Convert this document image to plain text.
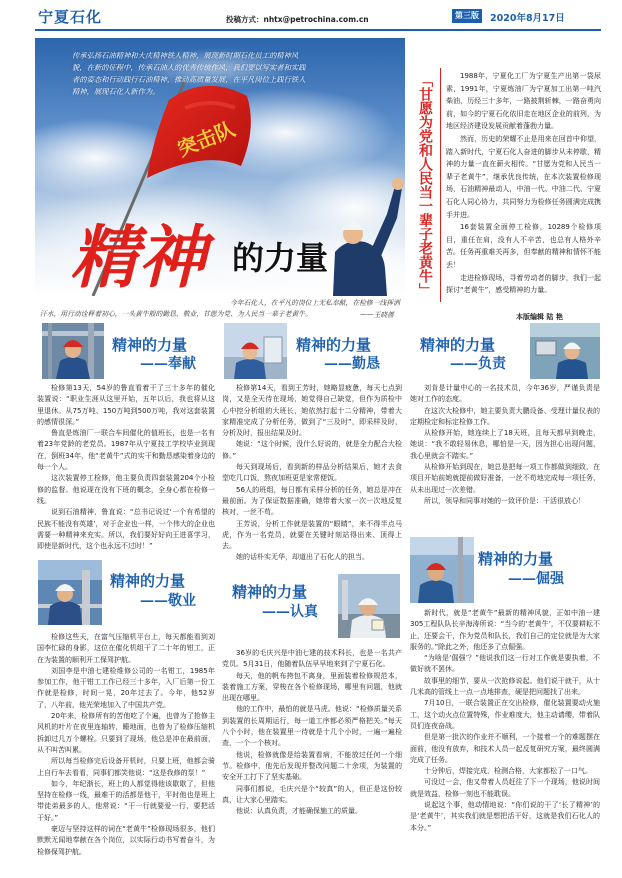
宁夏石化	投稿方式：nhtx@petrochina.com.cn	第三版	2020年8月17日
突击队
传承弘扬石油精神和大庆精神铁人精神，展现新时期石化员工的精神风貌，在新的征程中，传承石油人的优秀传统作风，我们要以写实者和实践者的姿态和行动践行石油精神，推动高质量发展，在平凡岗位上践行铁人精神，展现石化人新作为。
精神 的力量
今年石化人，在平凡的岗位上无私奉献，在检修一线挥洒汗水，用行动诠释着初心，一头黄牛般的勤恳、敬业，甘愿为党、为人民当一辈子老黄牛。	——王晓蔷
「甘愿为党和人民当一辈子老黄牛」	1988年，宁夏化工厂为宁夏生产出第一袋尿素，1991年，宁夏炼油厂为宁夏加工出第一吨汽柴油，历经三十多年，一路披荆斩棘，一路奋勇向前，如今的宁夏石化依旧走在地区企业的前列，为地区经济建设发展贡献着蓬勃力量。

然而，历史的荣耀不止是用来在回首中仰望，踏入新时代，宁夏石化人奋进的脚步从未停歇，精神的力量一直在薪火相传。“甘愿为党和人民当一辈子老黄牛”，继承优良传统，在本次装置检修现场，石油精神最动人，中油一代、中油二代、宁夏石化人同心协力，共同努力为检修任务圆满完成携手并进。

16套装置全面停工检修，10289个检修项目，重任在肩，没有人不辛苦，也总有人格外辛苦。任务再重难关再多，但奉献的精神和情怀不能丢！

走进检修现场，寻着劳动者的脚步，我们一起探讨“老黄牛”，感受精神的力量。

本版编辑 陆 艳
精神的力量
——奉献
精神的力量
——勤恳
精神的力量
——负责

检修第13天，54岁的鲁直看着干了三十多年的催化装置说：“职业生涯从这里开始，五年以后，我也将从这里退休。从75万吨、150万吨到500万吨，我对这套装置的感情很深。”

鲁直是炼油厂一联合车间催化的值班长，也是一名有着23年党龄的老党员。1987年从宁夏技工学校毕业到现在，倒班34年，他“老黄牛”式的实干和勤恳感染着身边的每一个人。

这次装置停工检修，他主要负责四套装置204个小检修的监督。他说现在没有下班的概念，全身心都在检修一线。

说到石油精神，鲁直说：“总书记说过‘一个有希望的民族不能没有英雄’，对于企业也一样，一个伟大的企业也需要一种精神来充实。所以，我们要好好向王进喜学习，即使是新时代，这个也永远不过时！”

精神的力量
——敬业

检修这些天，在富气压缩机平台上，每天都能看到刘国李忙碌的身影，这位在催化机组干了二十年的钳工，正在为装置的顺利开工保驾护航。

刘国李是中油七建检维修公司的一名钳工，1985年参加工作，他干钳工工作已经三十多年，入厂后第一份工作就是检修，时间一晃，20年过去了。今年，他52岁了，八年前，他光荣地加入了中国共产党。

20年来，检修所有的苦他吃了个遍，也曾为了抢修主风机的叶片在夜里连轴转，睡地面，也曾为了检修压缩机拆卸过几万个螺栓。只要到了现场，他总是冲在最前面，从不叫苦叫累。

所以每当检修完后设备开机时，只要上班，他都会骑上自行车去看看，同事们都笑他说：“这是我修的泵！”

如今，年纪渐长，班上的人都觉得他该歇歇了，但他坚持在检修一线，最难干的活都是他干，平时他也是班上带徒弟最多的人，他常说：“干一行就要爱一行，要把活干好。”

豪迈与坚持这样的词在“老黄牛”检修现场很多，他们默默无闻地奉献在各个岗位，以实际行动书写着奋斗，为检修保驾护航。

检修第14天，看到王芳时，她略显疲惫，每天七点到岗，又是全天待在现场，她觉得自己缺觉，但作为质检中心中控分析组的大班长，她依然打起十二分精神，带着大家精准完成了分析任务，做到了“三及时”，即采样及时，分析及时，报出结果及时。

她说：“这个时候，没什么好说的，就是全力配合大检修。”

每天到现场后，看到新的样品分析结果后，她才去食堂吃几口饭，熬夜加班更是家常便饭。

56人的班组，每日都有采样分析的任务，她总是冲在最前面。为了保证数据准确，她带着大家一次一次地反复核对，一丝不苟。

王芳说，分析工作就是装置的“眼睛”，来不得半点马虎，作为一名党员，就要在关键时刻站得出来、顶得上去。

她的话朴实无华，却道出了石化人的担当。

精神的力量
——认真

36岁的毛庆兴是中油七建的技术科长，也是一名共产党员。5月31日，他随着队伍早早地来到了宁夏石化。

每天，他的帆布挎包不离身，里面装着检修规范本，装着施工方案，穿梭在各个检修现场，哪里有问题，他就出现在哪里。

他的工作中，最怕的就是马虎。他说：“检修质量关系到装置的长周期运行，每一道工序都必须严格把关。”每天八个小时，他在装置里一待就是十几个小时，一遍一遍检查，一个一个核对。

他说，检修就像是给装置看病，不能放过任何一个细节。检修中，他先后发现并整改问题二十余项，为装置的安全开工打下了坚实基础。

同事们都说，毛庆兴是个“较真”的人，但正是这份较真，让大家心里踏实。

他说：认真负责，才能确保施工的质量。

刘肯是计量中心的一名技术员，今年36岁，严谨负责是她对工作的态度。

在这次大检修中，她主要负责大鹏设备、受理计量仪表的定期检定和标定检修工作。

从检修开始，她连续上了18天班，且每天都早到晚走，她说：“我不敢轻易休息，哪怕是一天，因为担心出现问题，我心里就会不踏实。”

从检修开始到现在，她总是把每一项工作都做到细致，在项目开始前她就提前做好准备，一丝不苟地完成每一项任务，从未出现过一次差错。

所以，领导和同事对她的一致评价是：干活很放心！

精神的力量
——倔强

新时代，就是“老黄牛”最新的精神风貌，正如中油一建305工程队队长辛海涛所说：“当今的‘老黄牛’，不仅要耕耘不止，还要会干，作为党员和队长，我们自己的定位就是为大家服务的。”除此之外，他还多了点倔强。

“为啥是‘倔强’？”他说我们这一行对工作就是要执着，不做好就不罢休。

故事里的细节，要从一次抢修说起。他们说干就干，从十几米高的管线上一点一点地排查，硬是把问题找了出来。

7月10日，一联合装置正在交出检修，催化装置要动火施工，这个动火点位置特殊，作业难度大，他主动请缨，带着队员们连夜奋战。

但是第一批次的作业并不顺利，一个接着一个的难题摆在面前，他没有放弃，和技术人员一起反复研究方案，最终圆满完成了任务。

十分钟后，焊接完成，检测合格，大家都松了一口气。

可没过一会，他又带着人员赶往了下一个现场，他说时间就是效益，检修一刻也不能耽误。

说起这个事，他动情地说：“你们说的干了‘长了精神’的是‘老黄牛’，其实我们就是想把活干好，这就是我们石化人的本分。”
